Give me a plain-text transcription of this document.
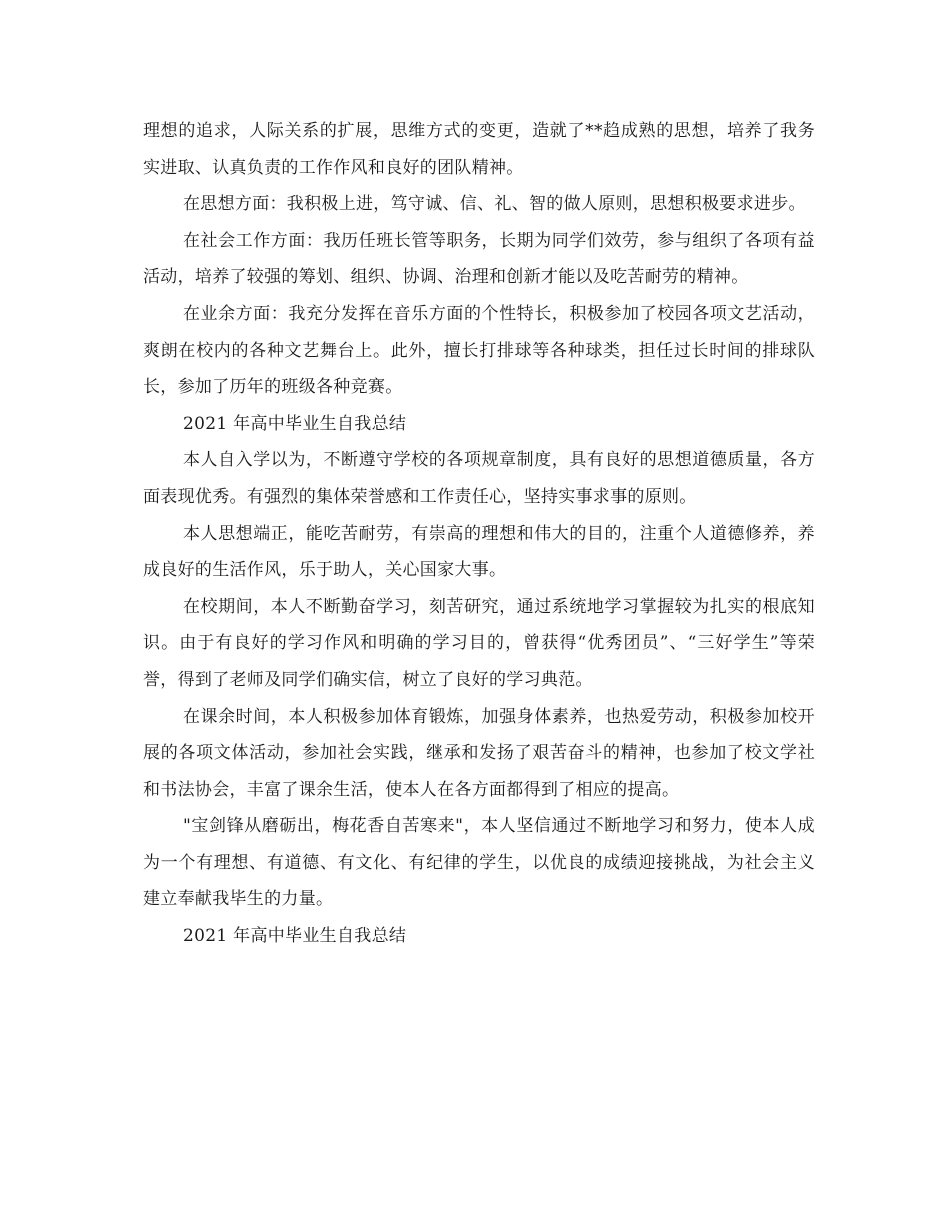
理想的追求，人际关系的扩展，思维方式的变更，造就了**趋成熟的思想，培养了我务实进取、认真负责的工作作风和良好的团队精神。

在思想方面：我积极上进，笃守诚、信、礼、智的做人原则，思想积极要求进步。

在社会工作方面：我历任班长管等职务，长期为同学们效劳，参与组织了各项有益活动，培养了较强的筹划、组织、协调、治理和创新才能以及吃苦耐劳的精神。

在业余方面：我充分发挥在音乐方面的个性特长，积极参加了校园各项文艺活动，爽朗在校内的各种文艺舞台上。此外，擅长打排球等各种球类，担任过长时间的排球队长，参加了历年的班级各种竞赛。

2021 年高中毕业生自我总结

本人自入学以为，不断遵守学校的各项规章制度，具有良好的思想道德质量，各方面表现优秀。有强烈的集体荣誉感和工作责任心，坚持实事求事的原则。

本人思想端正，能吃苦耐劳，有崇高的理想和伟大的目的，注重个人道德修养，养成良好的生活作风，乐于助人，关心国家大事。

在校期间，本人不断勤奋学习，刻苦研究，通过系统地学习掌握较为扎实的根底知识。由于有良好的学习作风和明确的学习目的，曾获得“优秀团员”、“三好学生”等荣誉，得到了老师及同学们确实信，树立了良好的学习典范。

在课余时间，本人积极参加体育锻炼，加强身体素养，也热爱劳动，积极参加校开展的各项文体活动，参加社会实践，继承和发扬了艰苦奋斗的精神，也参加了校文学社和书法协会，丰富了课余生活，使本人在各方面都得到了相应的提高。

"宝剑锋从磨砺出，梅花香自苦寒来"，本人坚信通过不断地学习和努力，使本人成为一个有理想、有道德、有文化、有纪律的学生，以优良的成绩迎接挑战，为社会主义建立奉献我毕生的力量。

2021 年高中毕业生自我总结
